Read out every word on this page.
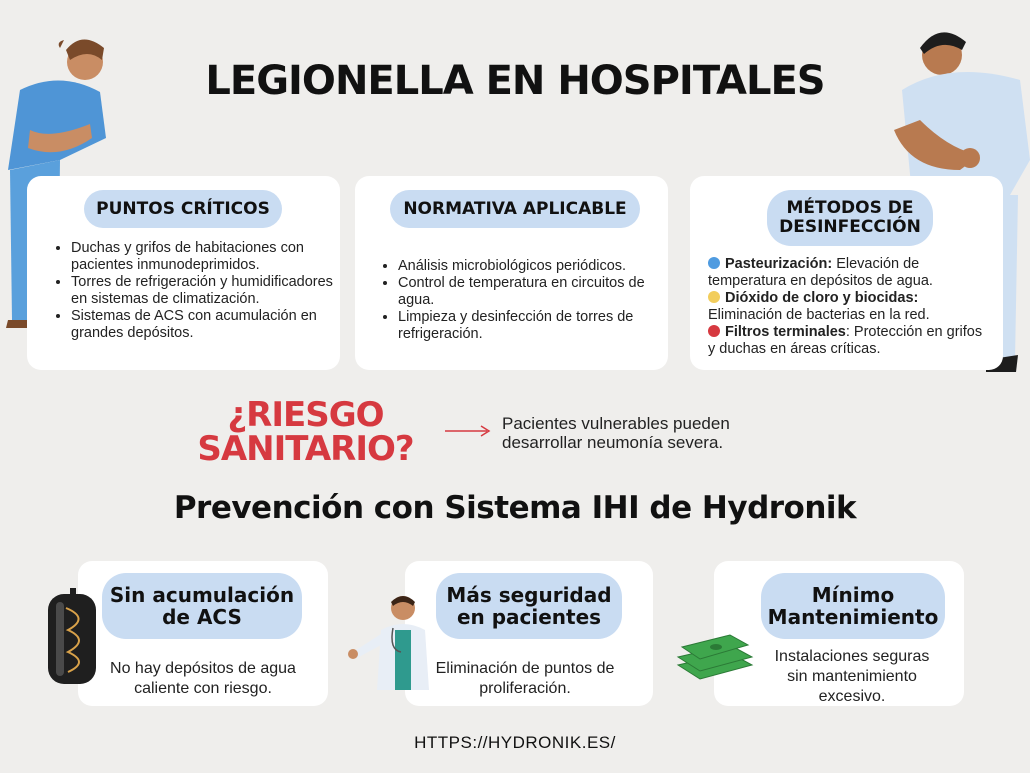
LEGIONELLA EN HOSPITALES
PUNTOS CRÍTICOS
• Duchas y grifos de habitaciones con pacientes inmunodeprimidos.
• Torres de refrigeración y humidificadores en sistemas de climatización.
• Sistemas de ACS con acumulación en grandes depósitos.
NORMATIVA APLICABLE
• Análisis microbiológicos periódicos.
• Control de temperatura en circuitos de agua.
• Limpieza y desinfección de torres de refrigeración.
MÉTODOS DE
DESINFECCIÓN
Pasteurización: Elevación de temperatura en depósitos de agua.
Dióxido de cloro y biocidas: Eliminación de bacterias en la red.
Filtros terminales: Protección en grifos y duchas en áreas críticas.
¿RIESGO
SANITARIO?
Pacientes vulnerables pueden
desarrollar neumonía severa.
Prevención con Sistema IHI de Hydronik
Sin acumulación
de ACS
No hay depósitos de agua
caliente con riesgo.
Más seguridad
en pacientes
Eliminación de puntos de
proliferación.
Mínimo
Mantenimiento
Instalaciones seguras
sin mantenimiento
excesivo.
HTTPS://HYDRONIK.ES/
